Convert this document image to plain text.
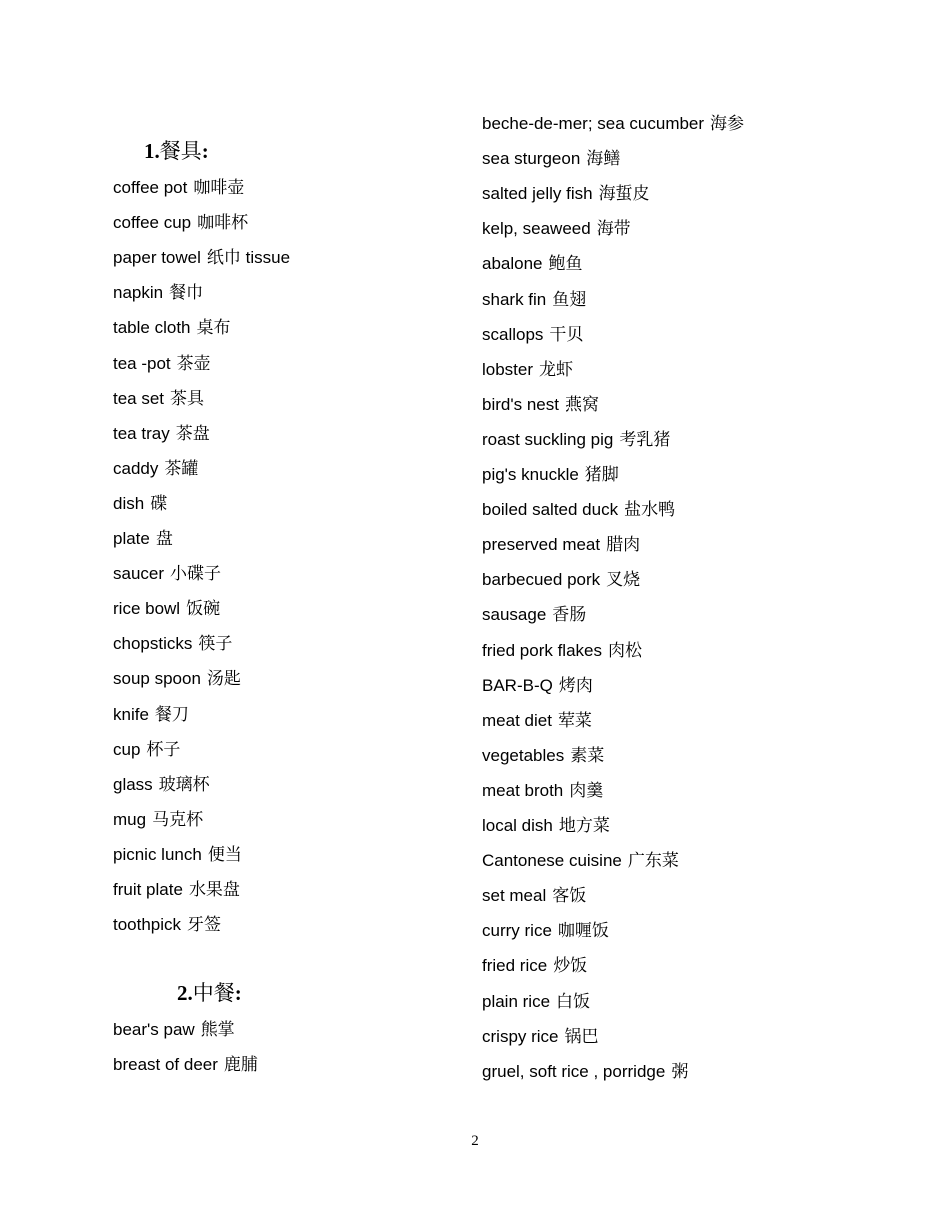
1.餐具:
coffee pot 咖啡壶
coffee cup 咖啡杯
paper towel 纸巾 tissue
napkin 餐巾
table cloth 桌布
tea -pot 茶壶
tea set 茶具
tea tray 茶盘
caddy 茶罐
dish 碟
plate 盘
saucer 小碟子
rice bowl 饭碗
chopsticks 筷子
soup spoon 汤匙
knife 餐刀
cup 杯子
glass 玻璃杯
mug 马克杯
picnic lunch 便当
fruit plate 水果盘
toothpick 牙签
2.中餐:
bear's paw 熊掌
breast of deer 鹿脯
beche-de-mer; sea cucumber 海参
sea sturgeon 海鳝
salted jelly fish 海蜇皮
kelp, seaweed 海带
abalone 鲍鱼
shark fin 鱼翅
scallops 干贝
lobster 龙虾
bird's nest 燕窝
roast suckling pig 考乳猪
pig's knuckle 猪脚
boiled salted duck 盐水鸭
preserved meat 腊肉
barbecued pork 叉烧
sausage 香肠
fried pork flakes 肉松
BAR-B-Q 烤肉
meat diet 荤菜
vegetables 素菜
meat broth 肉羹
local dish 地方菜
Cantonese cuisine 广东菜
set meal 客饭
curry rice 咖喱饭
fried rice 炒饭
plain rice 白饭
crispy rice 锅巴
gruel, soft rice , porridge 粥
2
